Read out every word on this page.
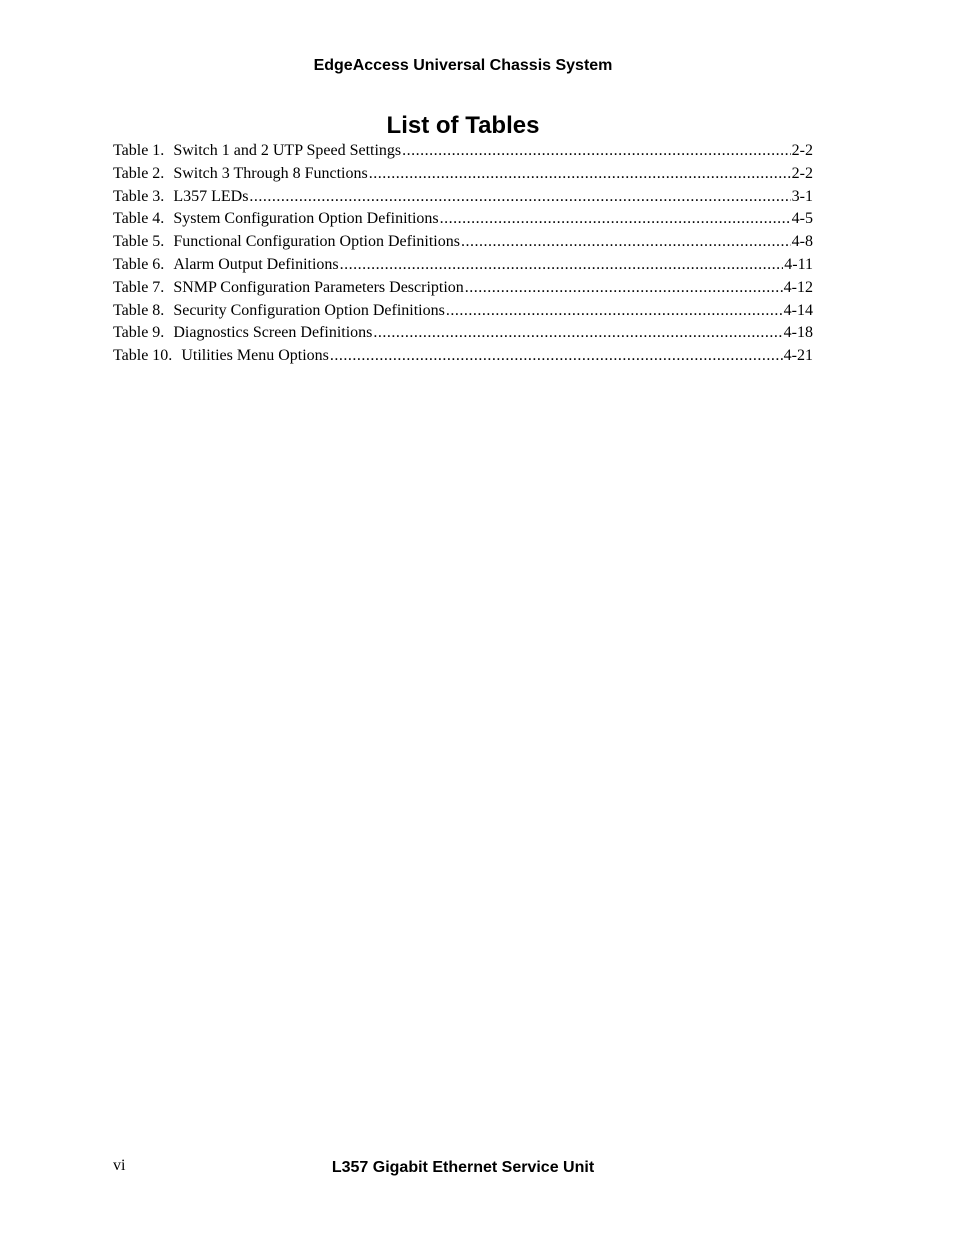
EdgeAccess Universal Chassis System
List of Tables
Table 1. Switch 1 and 2 UTP Speed Settings .....	2-2
Table 2. Switch 3 Through 8 Functions .....	2-2
Table 3. L357 LEDs .....	3-1
Table 4. System Configuration Option Definitions .....	4-5
Table 5. Functional Configuration Option Definitions .....	4-8
Table 6. Alarm Output Definitions .....	4-11
Table 7. SNMP Configuration Parameters Description .....	4-12
Table 8. Security Configuration Option Definitions .....	4-14
Table 9. Diagnostics Screen Definitions .....	4-18
Table 10. Utilities Menu Options .....	4-21
vi	L357 Gigabit Ethernet Service Unit
